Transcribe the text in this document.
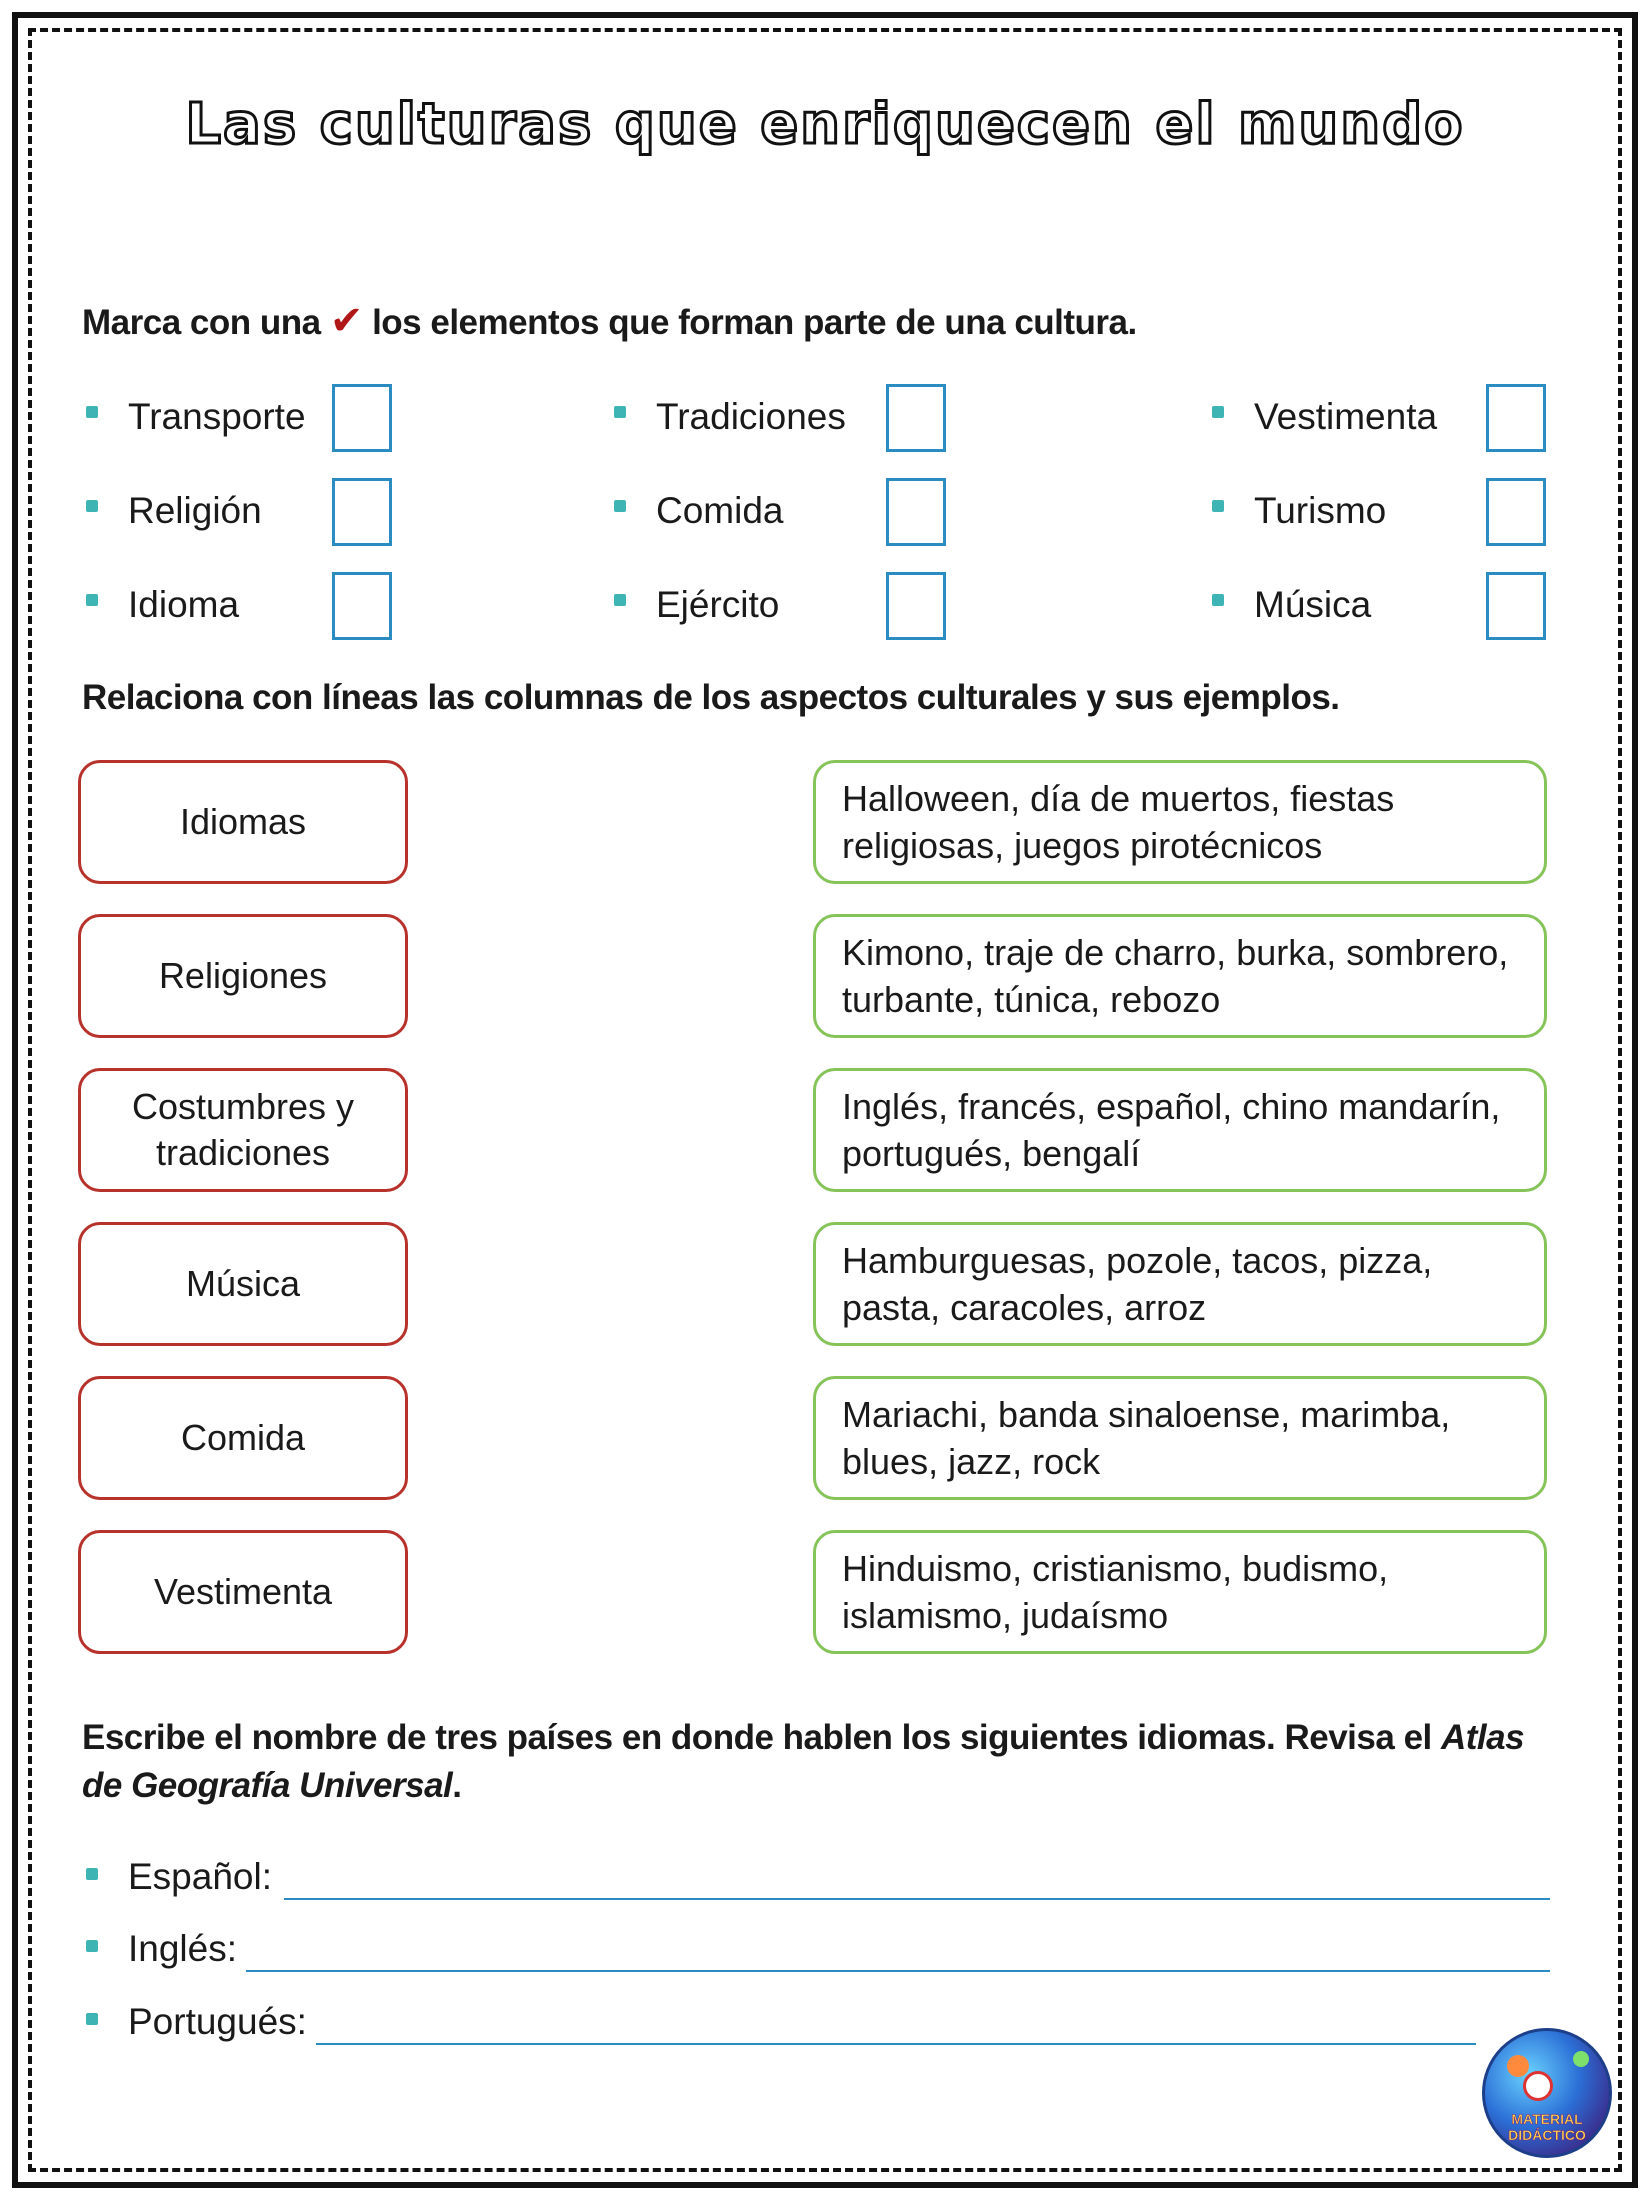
Las culturas que enriquecen el mundo
Marca con una ✔ los elementos que forman parte de una cultura.
Transporte	Tradiciones	Vestimenta
Religión	Comida	Turismo
Idioma	Ejército	Música
Relaciona con líneas las columnas de los aspectos culturales y sus ejemplos.
Idiomas
Religiones
Costumbres y tradiciones
Música
Comida
Vestimenta
Halloween, día de muertos, fiestas religiosas, juegos pirotécnicos
Kimono, traje de charro, burka, sombrero, turbante, túnica, rebozo
Inglés, francés, español, chino mandarín, portugués, bengalí
Hamburguesas, pozole, tacos, pizza, pasta, caracoles, arroz
Mariachi, banda sinaloense, marimba, blues, jazz, rock
Hinduismo, cristianismo, budismo, islamismo, judaísmo
Escribe el nombre de tres países en donde hablen los siguientes idiomas. Revisa el Atlas de Geografía Universal.
Español:
Inglés:
Portugués:
MATERIAL
DIDÁCTICO
